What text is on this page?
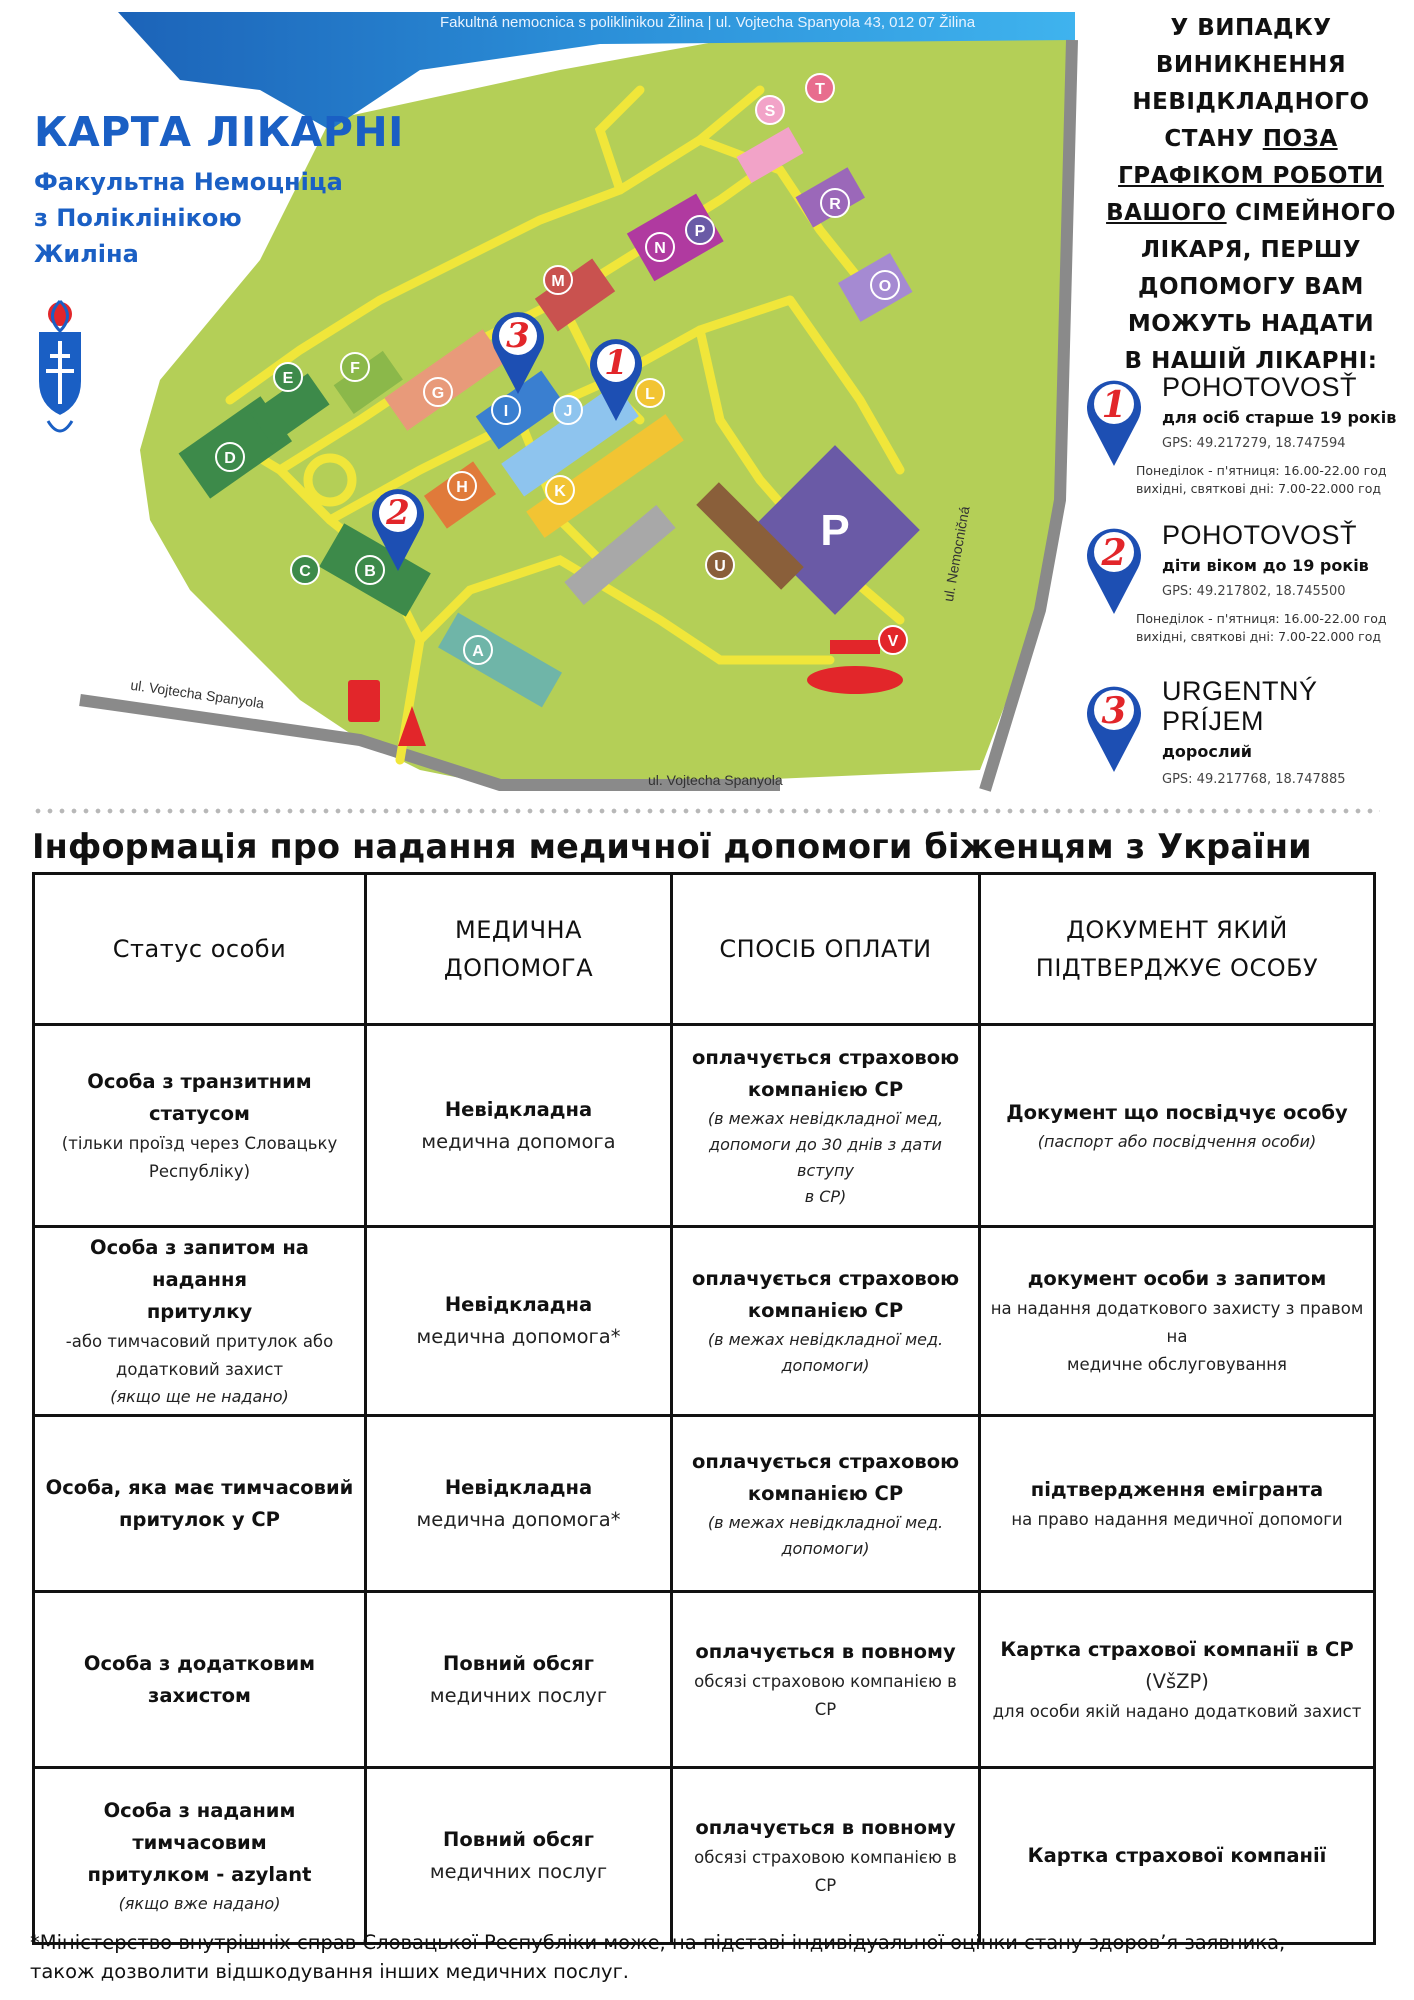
P
Fakultná nemocnica s poliklinikou Žilina | ul. Vojtecha Spanyola 43, 012 07 Žilina
КАРТА ЛІКАРНІ
Факультна Немоцніца
з Поліклінікою
Жиліна
A
B
C
D
E
F
G
H
I	J
K
L
M
N
O
P
R
S
T
U
V
1
2
3
ul. Vojtecha Spanyola
ul. Vojtecha Spanyola
ul. Nemocničná
У ВИПАДКУ
ВИНИКНЕННЯ
НЕВІДКЛАДНОГО
СТАНУ ПОЗА
ГРАФІКОМ РОБОТИ
ВАШОГО СІМЕЙНОГО
ЛІКАРЯ, ПЕРШУ
ДОПОМОГУ ВАМ
МОЖУТЬ НАДАТИ
В НАШІЙ ЛІКАРНІ:
1	POHOTOVOSŤ
для осіб старше 19 років
GPS: 49.217279, 18.747594
Понеділок - п'ятниця: 16.00-22.00 год
вихідні, святкові дні: 7.00-22.000 год
2	POHOTOVOSŤ
діти віком до 19 років
GPS: 49.217802, 18.745500
Понеділок - п'ятниця: 16.00-22.00 год
вихідні, святкові дні: 7.00-22.000 год
3	URGENTNÝ
PRÍJEM
дорослий
GPS: 49.217768, 18.747885
Інформація про надання медичної допомоги біженцям з України
Статус особи	МЕДИЧНА
ДОПОМОГА	СПОСІБ ОПЛАТИ	ДОКУМЕНТ ЯКИЙ
ПІДТВЕРДЖУЄ ОСОБУ

Особа з транзитним статусом
(тільки проїзд через Словацьку
Республіку)	Невідкладна
медична допомога	оплачується страховою
компанією СР
(в межах невідкладної мед,
допомоги до 30 днів з дати вступу
в СР)	Документ що посвідчує особу
(паспорт або посвідчення особи)

Особа з запитом на надання
притулку
-або тимчасовий притулок або
додатковий захист
(якщо ще не надано)	Невідкладна
медична допомога*	оплачується страховою
компанією СР
(в межах невідкладної мед.
допомоги)	документ особи з запитом
на надання додаткового захисту з правом на
медичне обслуговування

Особа, яка має тимчасовий
притулок у СР	Невідкладна
медична допомога*	оплачується страховою
компанією СР
(в межах невідкладної мед.
допомоги)	підтвердження емігранта
на право надання медичної допомоги

Особа з додатковим захистом	Повний обсяг
медичних послуг	оплачується в повному
обсязі страховою компанією в СР	Картка страхової компанії в СР
(VšZP)
для особи якій надано додатковий захист

Особа з наданим тимчасовим
притулком - azylant
(якщо вже надано)	Повний обсяг
медичних послуг	оплачується в повному
обсязі страховою компанією в СР	Картка страхової компанії
*Міністерство внутрішніх справ Словацької Республіки може, на підставі індивідуальної оцінки стану здоров’я заявника,
також дозволити відшкодування інших медичних послуг.
